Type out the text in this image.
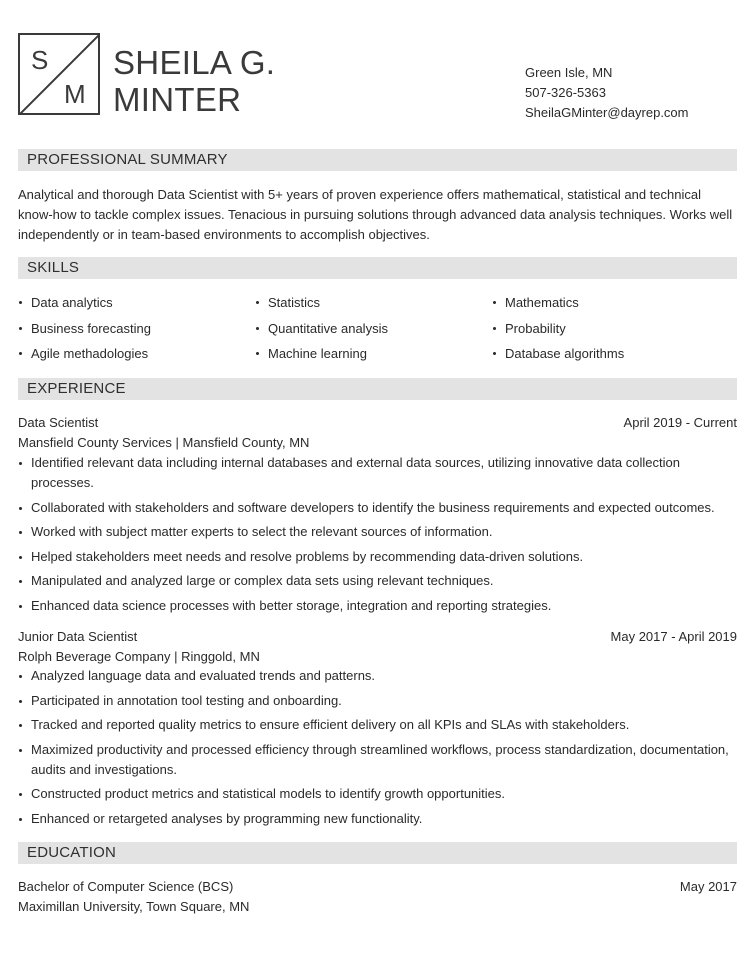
S
M
SHEILA G.
MINTER
Green Isle, MN
507-326-5363
SheilaGMinter@dayrep.com
PROFESSIONAL SUMMARY
Analytical and thorough Data Scientist with 5+ years of proven experience offers mathematical, statistical and technical know-how to tackle complex issues. Tenacious in pursuing solutions through advanced data analysis techniques. Works well independently or in team-based environments to accomplish objectives.
SKILLS
Data analytics	Statistics	Mathematics
Business forecasting	Quantitative analysis	Probability
Agile methadologies	Machine learning	Database algorithms
EXPERIENCE
Data Scientist	April 2019 - Current
Mansfield County Services | Mansfield County, MN
Identified relevant data including internal databases and external data sources, utilizing innovative data collection processes.
Collaborated with stakeholders and software developers to identify the business requirements and expected outcomes.
Worked with subject matter experts to select the relevant sources of information.
Helped stakeholders meet needs and resolve problems by recommending data-driven solutions.
Manipulated and analyzed large or complex data sets using relevant techniques.
Enhanced data science processes with better storage, integration and reporting strategies.
Junior Data Scientist	May 2017 - April 2019
Rolph Beverage Company | Ringgold, MN
Analyzed language data and evaluated trends and patterns.
Participated in annotation tool testing and onboarding.
Tracked and reported quality metrics to ensure efficient delivery on all KPIs and SLAs with stakeholders.
Maximized productivity and processed efficiency through streamlined workflows, process standardization, documentation, audits and investigations.
Constructed product metrics and statistical models to identify growth opportunities.
Enhanced or retargeted analyses by programming new functionality.
EDUCATION
Bachelor of Computer Science (BCS)	May 2017
Maximillan University, Town Square, MN
